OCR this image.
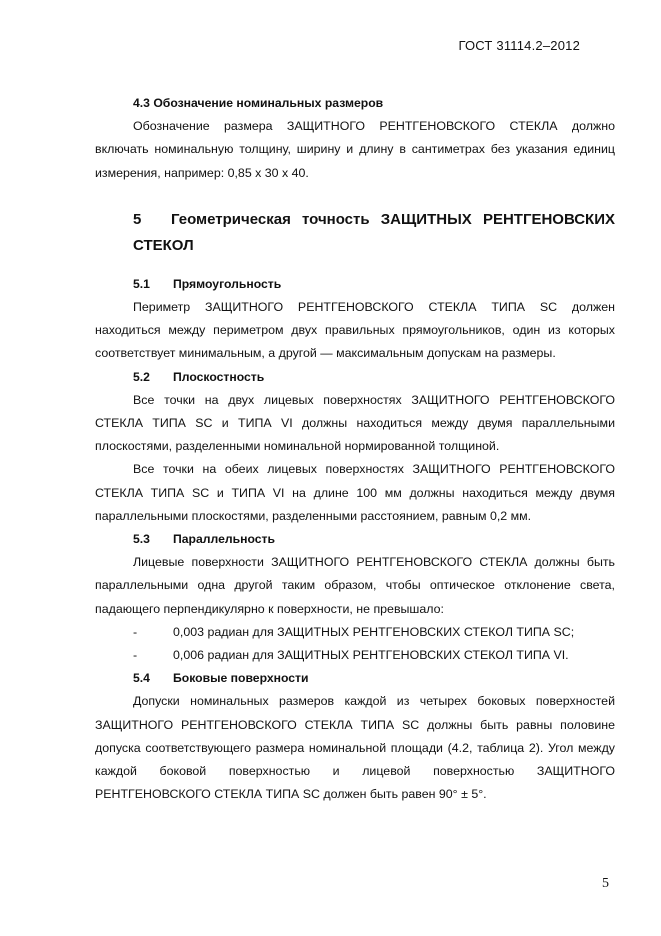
ГОСТ 31114.2–2012
4.3 Обозначение номинальных размеров

Обозначение размера ЗАЩИТНОГО РЕНТГЕНОВСКОГО СТЕКЛА должно включать номинальную толщину, ширину и длину в сантиметрах без указания единиц измерения, например: 0,85 х 30 х 40.

5 Геометрическая точность ЗАЩИТНЫХ РЕНТГЕНОВСКИХ
СТЕКОЛ
5.1 Прямоугольность

Периметр ЗАЩИТНОГО РЕНТГЕНОВСКОГО СТЕКЛА ТИПА SC должен находиться между периметром двух правильных прямоугольников, один из которых соответствует минимальным, а другой — максимальным допускам на размеры.

5.2 Плоскостность

Все точки на двух лицевых поверхностях ЗАЩИТНОГО РЕНТГЕНОВСКОГО СТЕКЛА ТИПА SC и ТИПА VI должны находиться между двумя параллельными плоскостями, разделенными номинальной нормированной толщиной.

Все точки на обеих лицевых поверхностях ЗАЩИТНОГО РЕНТГЕНОВСКОГО СТЕКЛА ТИПА SC и ТИПА VI на длине 100 мм должны находиться между двумя параллельными плоскостями, разделенными расстоянием, равным 0,2 мм.

5.3 Параллельность

Лицевые поверхности ЗАЩИТНОГО РЕНТГЕНОВСКОГО СТЕКЛА должны быть параллельными одна другой таким образом, чтобы оптическое отклонение света, падающего перпендикулярно к поверхности, не превышало:

-	0,003 радиан для ЗАЩИТНЫХ РЕНТГЕНОВСКИХ СТЕКОЛ ТИПА SC;
-	0,006 радиан для ЗАЩИТНЫХ РЕНТГЕНОВСКИХ СТЕКОЛ ТИПА VI.
5.4 Боковые поверхности

Допуски номинальных размеров каждой из четырех боковых поверхностей ЗАЩИТНОГО РЕНТГЕНОВСКОГО СТЕКЛА ТИПА SC должны быть равны половине допуска соответствующего размера номинальной площади (4.2, таблица 2). Угол между каждой боковой поверхностью и лицевой поверхностью ЗАЩИТНОГО РЕНТГЕНОВСКОГО СТЕКЛА ТИПА SC должен быть равен 90° ± 5°.

5
